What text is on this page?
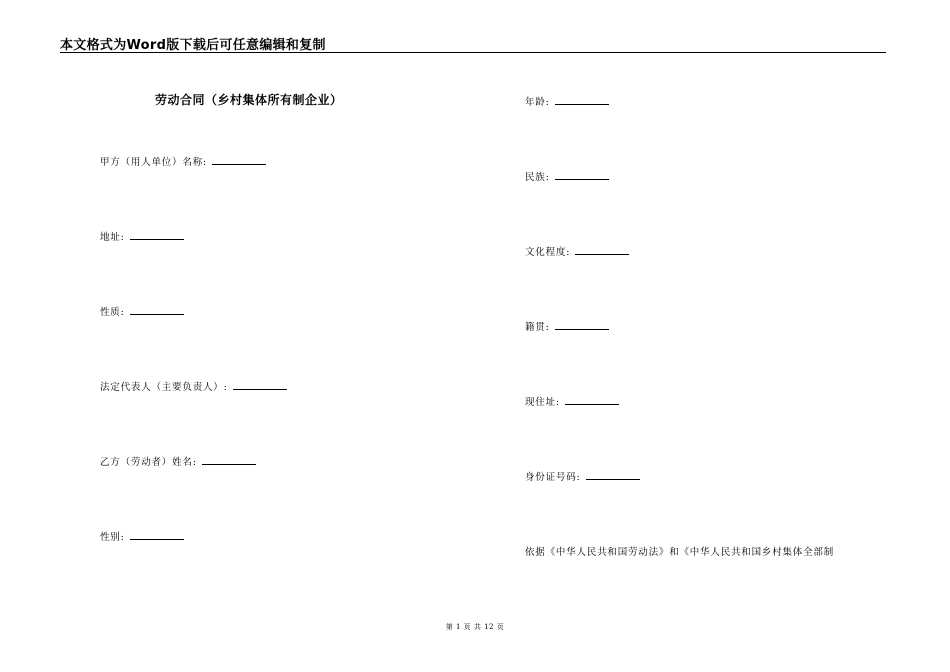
本文格式为Word版下载后可任意编辑和复制
劳动合同（乡村集体所有制企业）
甲方（用人单位）名称:
地址:
性质:
法定代表人（主要负责人）:
乙方（劳动者）姓名:
性别:
年龄:
民族:
文化程度:
籍贯:
现住址:
身份证号码:
依据《中华人民共和国劳动法》和《中华人民共和国乡村集体全部制
第 1 页 共 12 页
